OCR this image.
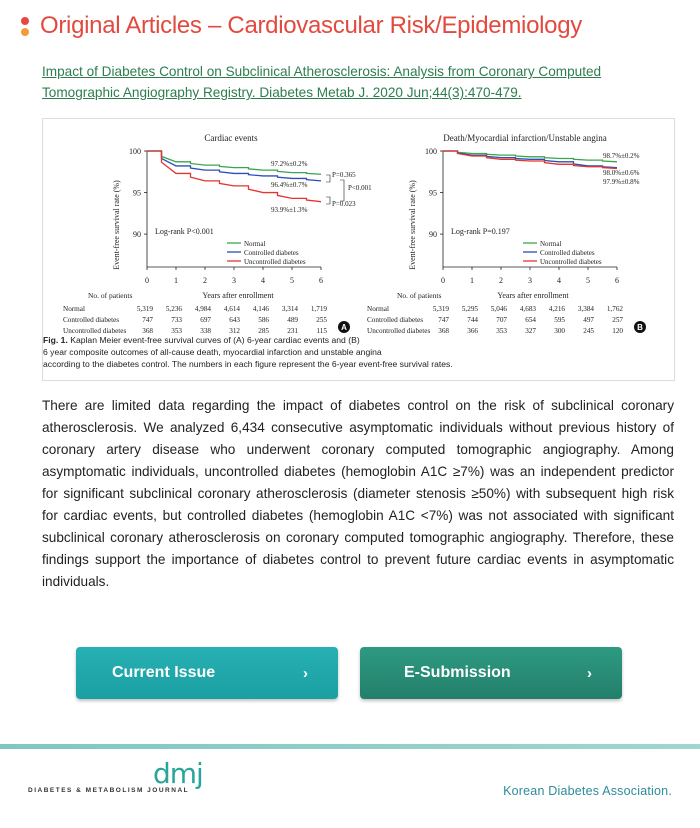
Original Articles – Cardiovascular Risk/Epidemiology
Impact of Diabetes Control on Subclinical Atherosclerosis: Analysis from Coronary Computed Tomographic Angiography Registry. Diabetes Metab J. 2020 Jun;44(3):470-479.
Cardiac events
Event-free survival rate (%) 90
95
100
0	1	2	3	4	5	6
Log-rank P<0.001
97.2%±0.2%
96.4%±0.7%
93.9%±1.3%
P=0.365
P<0.001
P=0.023
Normal
Controlled diabetes
Uncontrolled diabetes
Years after enrollment
No. of patients
Normal	5,319 5,236 4,984 4,614 4,146 3,314 1,719
Controlled diabetes	747	733	697	643	586	489	255
Uncontrolled diabetes 368	353	338	312	285	231	115 A
Death/Myocardial infarction/Unstable angina
Event-free survival rate (%) 90
95
100
0	1	2	3	4	5	6
Log-rank P=0.197
98.7%±0.2%
98.0%±0.6%
97.9%±0.8%
Normal
Controlled diabetes
Uncontrolled diabetes
Years after enrollment
No. of patients
Normal	5,319 5,295 5,046 4,683 4,216 3,384 1,762
Controlled diabetes 747	744	707	654	595	497	257
Uncontrolled diabetes 368	366	353	327	300	245	120 B
Fig. 1. Kaplan Meier event-free survival curves of (A) 6-year cardiac events and (B) 6 year composite outcomes of all-cause death, myocardial infarction and unstable angina according to the diabetes control. The numbers in each figure represent the 6-year event-free survival rates.
There are limited data regarding the impact of diabetes control on the risk of subclinical coronary atherosclerosis. We analyzed 6,434 consecutive asymptomatic individuals without previous history of coronary artery disease who underwent coronary computed tomographic angiography. Among asymptomatic individuals, uncontrolled diabetes (hemoglobin A1C ≥7%) was an independent predictor for significant subclinical coronary atherosclerosis (diameter stenosis ≥50%) with subsequent high risk for cardiac events, but controlled diabetes (hemoglobin A1C <7%) was not associated with significant subclinical coronary atherosclerosis on coronary computed tomographic angiography. Therefore, these findings support the importance of diabetes control to prevent future cardiac events in asymptomatic individuals.
Current Issue	›	E-Submission	›
dmj
DIABETES & METABOLISM JOURNAL	Korean Diabetes Association.
